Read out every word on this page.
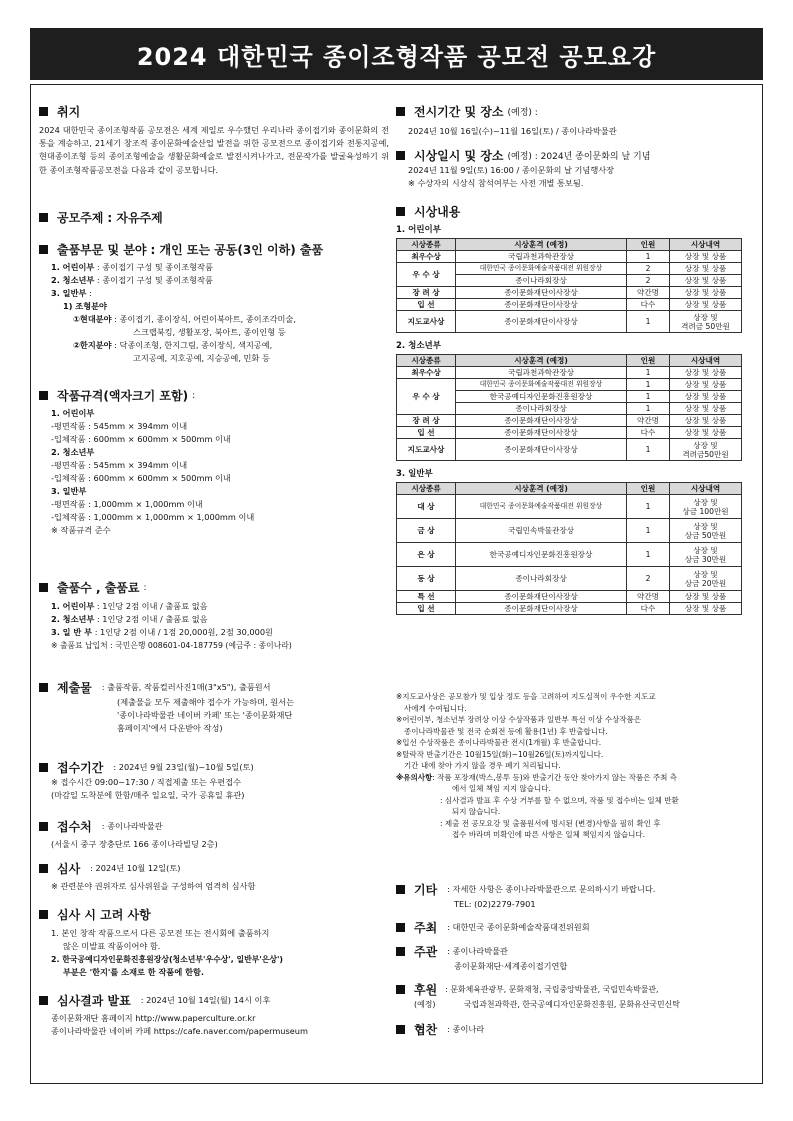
2024 대한민국 종이조형작품 공모전 공모요강
취지
2024 대한민국 종이조형작품 공모전은 세계 제일로 우수했던 우리나라 종이접기와 종이문화의 전통을 계승하고, 21세기 창조적 종이문화예술산업 발전을 위한 공모전으로 종이접기와 전통지공예, 현대종이조형 등의 종이조형예술을 생활문화예술로 발전시켜나가고, 전문작가를 발굴육성하기 위한 종이조형작품공모전을 다음과 같이 공모합니다.
공모주제 : 자유주제
출품부문 및 분야 : 개인 또는 공동(3인 이하) 출품
1. 어린이부 : 종이접기 구성 및 종이조형작품
2. 청소년부 : 종이접기 구성 및 종이조형작품
3. 일반부 :
1) 조형분야
①현대분야 : 종이접기, 종이장식, 어린이북아트, 종이조각미술,
스크랩북킹, 생활포장, 북아트, 종이인형 등
②한지분야 : 닥종이조형, 한지그림, 종이장식, 색지공예,
고지공예, 지호공예, 지승공예, 민화 등
작품규격(액자크기 포함) :
1. 어린이부
-평면작품 : 545mm × 394mm 이내
-입체작품 : 600mm × 600mm × 500mm 이내
2. 청소년부
-평면작품 : 545mm × 394mm 이내
-입체작품 : 600mm × 600mm × 500mm 이내
3. 일반부
-평면작품 : 1,000mm × 1,000mm 이내
-입체작품 : 1,000mm × 1,000mm × 1,000mm 이내
※ 작품규격 준수
출품수 , 출품료 :
1. 어린이부 : 1인당 2점 이내 / 출품료 없음
2. 청소년부 : 1인당 2점 이내 / 출품료 없음
3. 일 반 부 : 1인당 2점 이내 / 1점 20,000원, 2점 30,000원
※ 출품료 납입처 : 국민은행 008601-04-187759 (예금주 : 종이나라)
제출물 : 출품작품, 작품컬러사진1매(3"x5"), 출품원서
(제출물을 모두 제출해야 접수가 가능하며, 원서는
'종이나라박물관 네이버 카페' 또는 '종이문화재단
홈페이지'에서 다운받아 작성)
접수기간 : 2024년 9월 23일(월)~10월 5일(토)
※ 접수시간 09:00~17:30 / 직접제출 또는 우편접수
(마감일 도착분에 한함/매주 일요일, 국가 공휴일 휴관)
접수처 : 종이나라박물관
(서울시 중구 장충단로 166 종이나라빌딩 2층)
심사 : 2024년 10월 12일(토)
※ 관련분야 권위자로 심사위원을 구성하여 엄격히 심사함
심사 시 고려 사항
1. 본인 창작 작품으로서 다른 공모전 또는 전시회에 출품하지
않은 미발표 작품이어야 함.
2. 한국공예디자인문화진흥원장상(청소년부'우수상', 일반부'은상')
부분은 '한지'를 소재로 한 작품에 한함.
심사결과 발표 : 2024년 10월 14일(월) 14시 이후
종이문화재단 홈페이지 http://www.paperculture.or.kr
종이나라박물관 네이버 카페 https://cafe.naver.com/papermuseum
전시기간 및 장소 (예정) :
2024년 10월 16일(수)~11월 16일(토) / 종이나라박물관
시상일시 및 장소 (예정) : 2024년 종이문화의 날 기념
2024년 11월 9일(토) 16:00 / 종이문화의 날 기념행사장
※ 수상자의 시상식 참석여부는 사전 개별 통보됨.
시상내용
1. 어린이부
시상종류	시상훈격 (예정)	인원	시상내역
최우수상	국립과천과학관장상	1	상장 및 상품
우 수 상	대한민국 종이문화예술작품대전 위원장상	2	상장 및 상품
	종이나라회장상	2	상장 및 상품
장 려 상	종이문화재단이사장상	약간명	상장 및 상품
입 선	종이문화재단이사장상	다수	상장 및 상품
지도교사상	종이문화재단이사장상	1	상장 및
격려금 50만원
2. 청소년부
시상종류	시상훈격 (예정)	인원	시상내역
최우수상	국립과천과학관장상	1	상장 및 상품
우 수 상	대한민국 종이문화예술작품대전 위원장상	1	상장 및 상품
	한국공예디자인문화진흥원장상	1	상장 및 상품
	종이나라회장상	1	상장 및 상품
장 려 상	종이문화재단이사장상	약간명	상장 및 상품
입 선	종이문화재단이사장상	다수	상장 및 상품
지도교사상	종이문화재단이사장상	1	상장 및
격려금50만원
3. 일반부
시상종류	시상훈격 (예정)	인원	시상내역
대 상	대한민국 종이문화예술작품대전 위원장상	1	상장 및
상금 100만원
금 상	국립민속박물관장상	1	상장 및
상금 50만원
은 상	한국공예디자인문화진흥원장상	1	상장 및
상금 30만원
동 상	종이나라회장상	2	상장 및
상금 20만원
특 선	종이문화재단이사장상	약간명	상장 및 상품
입 선	종이문화재단이사장상	다수	상장 및 상품
※지도교사상은 공모참가 및 입상 정도 등을 고려하여 지도실적이 우수한 지도교
사에게 수여됩니다.
※어린이부, 청소년부 장려상 이상 수상작품과 일반부 특선 이상 수상작품은
종이나라박물관 및 전국 순회전 등에 활용(1년) 후 반출합니다.
※입선 수상작품은 종이나라박물관 전시(1개월) 후 반출합니다.
※탈락작 반출기간은 10월15일(화)~10월26일(토)까지입니다.
기간 내에 찾아 가지 않을 경우 폐기 처리됩니다.
※유의사항: 작품 포장재(박스,봉투 등)와 반출기간 동안 찾아가지 않는 작품은 주최 측
에서 일체 책임 지지 않습니다.
: 심사결과 발표 후 수상 거부를 할 수 없으며, 작품 및 접수비는 일체 반환
되지 않습니다.
: 제출 전 공모요강 및 출품원서에 명시된 (변경)사항을 필히 확인 후
접수 바라며 미확인에 따른 사항은 일체 책임지지 않습니다.
기타 : 자세한 사항은 종이나라박물관으로 문의하시기 바랍니다.
TEL: (02)2279-7901
주최 : 대한민국 종이문화예술작품대전위원회
주관 : 종이나라박물관
종이문화재단·세계종이접기연합
후원 : 문화체육관광부, 문화재청, 국립중앙박물관, 국립민속박물관,
(예정)	국립과천과학관, 한국공예디자인문화진흥원, 문화유산국민신탁
협찬 : 종이나라
